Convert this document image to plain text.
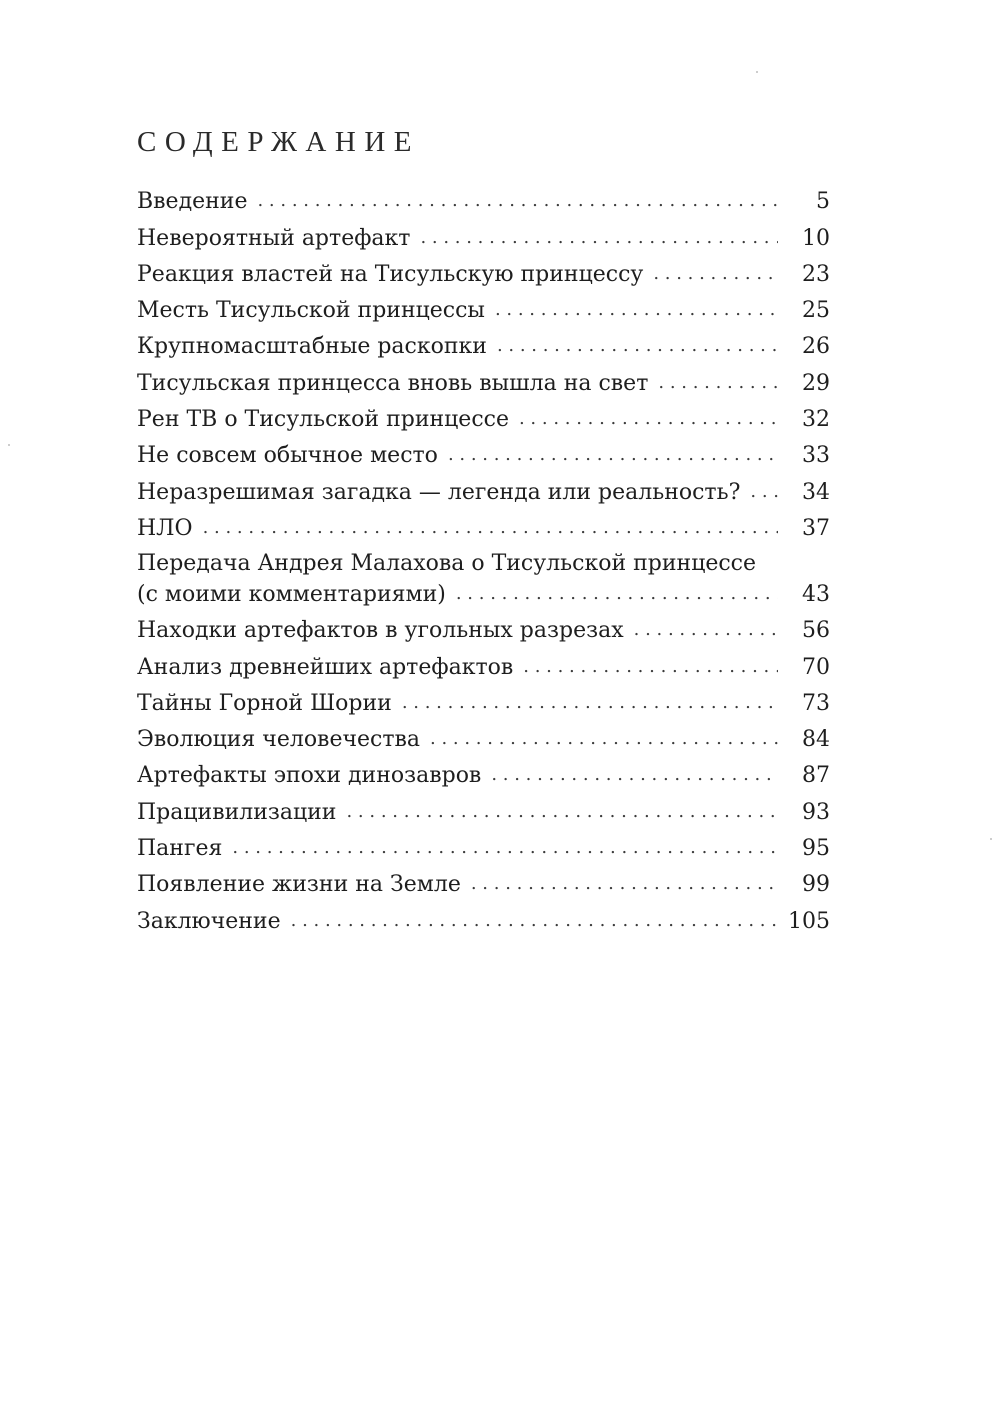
СОДЕРЖАНИЕ
Введение . . .	5
Невероятный артефакт . . .	10
Реакция властей на Тисульскую принцессу . . .	23
Месть Тисульской принцессы . . .	25
Крупномасштабные раскопки . . .	26
Тисульская принцесса вновь вышла на свет . . .	29
Рен ТВ о Тисульской принцессе . . .	32
Не совсем обычное место . . .	33
Неразрешимая загадка — легенда или реальность? . . .	34
НЛО . . .	37
Передача Андрея Малахова о Тисульской принцессе
(с моими комментариями) . . .	43
Находки артефактов в угольных разрезах . . .	56
Анализ древнейших артефактов . . .	70
Тайны Горной Шории . . .	73
Эволюция человечества . . .	84
Артефакты эпохи динозавров . . .	87
Працивилизации . . .	93
Пангея . . .	95
Появление жизни на Земле . . .	99
Заключение . . .	105
